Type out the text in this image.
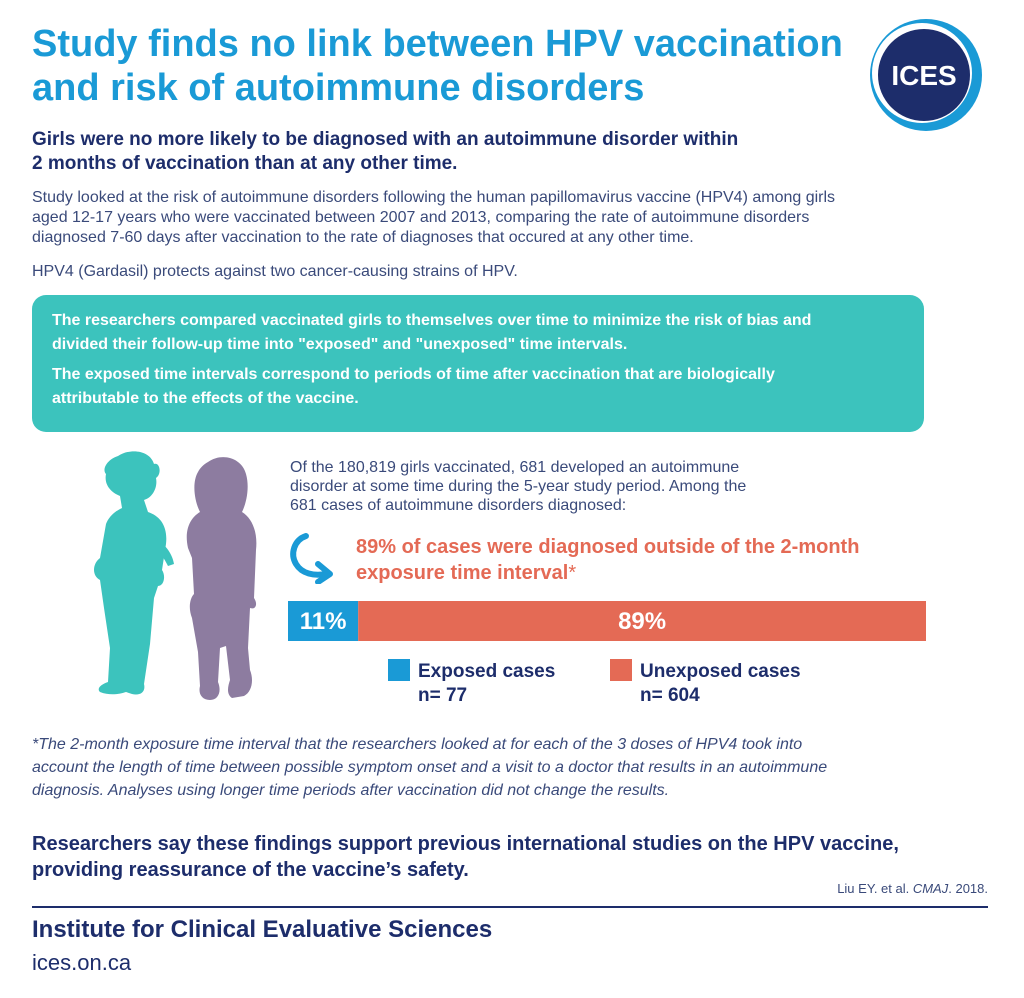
Study finds no link between HPV vaccination
and risk of autoimmune disorders	ICES
Girls were no more likely to be diagnosed with an autoimmune disorder within
2 months of vaccination than at any other time.
Study looked at the risk of autoimmune disorders following the human papillomavirus vaccine (HPV4) among girls
aged 12-17 years who were vaccinated between 2007 and 2013, comparing the rate of autoimmune disorders
diagnosed 7-60 days after vaccination to the rate of diagnoses that occured at any other time.
HPV4 (Gardasil) protects against two cancer-causing strains of HPV.

The researchers compared vaccinated girls to themselves over time to minimize the risk of bias and
divided their follow-up time into "exposed" and "unexposed" time intervals.

The exposed time intervals correspond to periods of time after vaccination that are biologically
attributable to the effects of the vaccine.

Of the 180,819 girls vaccinated, 681 developed an autoimmune
disorder at some time during the 5-year study period. Among the
681 cases of autoimmune disorders diagnosed:
89% of cases were diagnosed outside of the 2-month
exposure time interval*
11%
Exposed cases
n= 77
89%
Unexposed cases
n= 604
*The 2-month exposure time interval that the researchers looked at for each of the 3 doses of HPV4 took into
account the length of time between possible symptom onset and a visit to a doctor that results in an autoimmune
diagnosis. Analyses using longer time periods after vaccination did not change the results.
Researchers say these findings support previous international studies on the HPV vaccine,
providing reassurance of the vaccine’s safety.
Liu EY. et al. CMAJ. 2018.
Institute for Clinical Evaluative Sciences
ices.on.ca
